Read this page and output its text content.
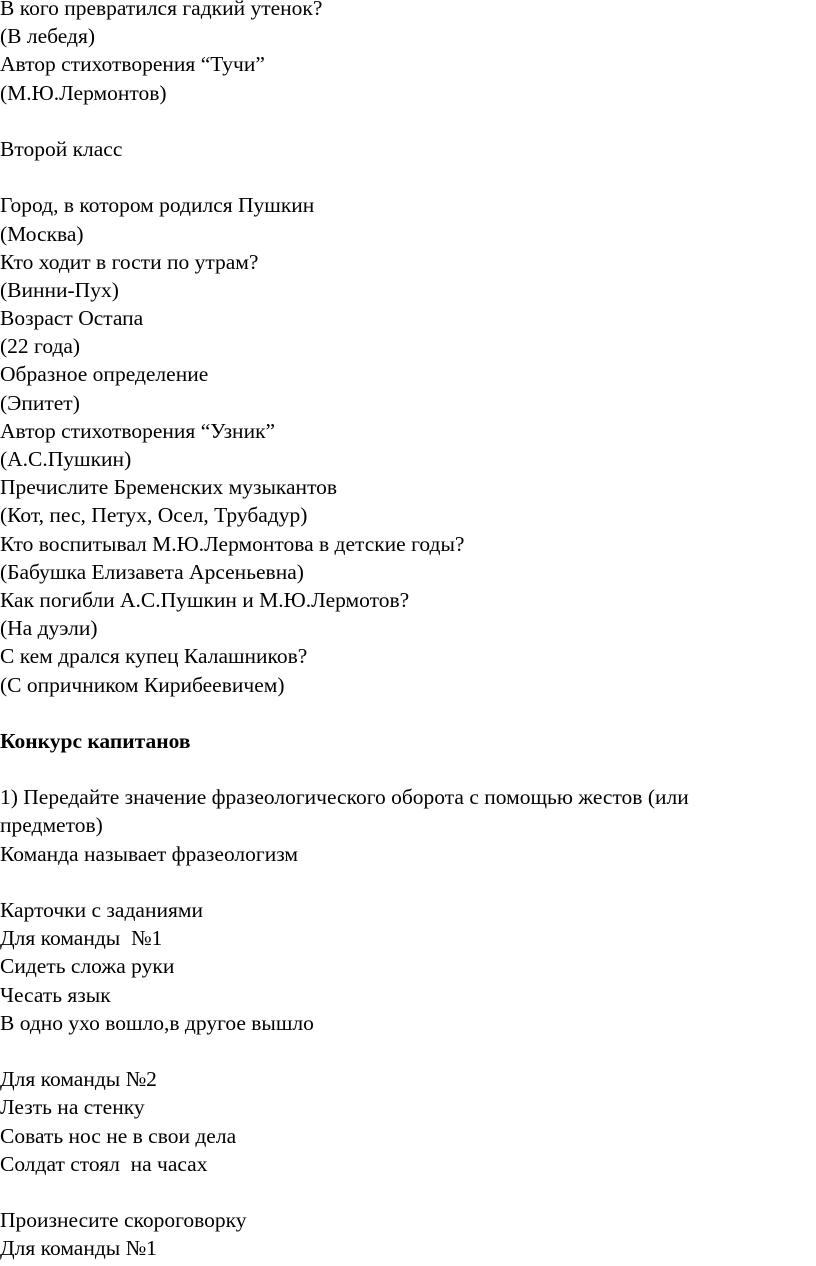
В кого превратился гадкий утенок?
(В лебедя)
Автор стихотворения “Тучи”
(М.Ю.Лермонтов)
Второй класс
Город, в котором родился Пушкин
(Москва)
Кто ходит в гости по утрам?
(Винни-Пух)
Возраст Остапа
(22 года)
Образное определение
(Эпитет)
Автор стихотворения “Узник”
(А.С.Пушкин)
Пречислите Бременских музыкантов
(Кот, пес, Петух, Осел, Трубадур)
Кто воспитывал М.Ю.Лермонтова в детские годы?
(Бабушка Елизавета Арсеньевна)
Как погибли А.С.Пушкин и М.Ю.Лермотов?
(На дуэли)
С кем дрался купец Калашников?
(С опричником Кирибеевичем)
Конкурс капитанов
1) Передайте значение фразеологического оборота с помощью жестов (или
предметов)
Команда называет фразеологизм
Карточки с заданиями
Для команды  №1
Сидеть сложа руки
Чесать язык
В одно ухо вошло,в другое вышло
Для команды №2
Лезть на стенку
Совать нос не в свои дела
Солдат стоял  на часах
Произнесите скороговорку
Для команды №1
